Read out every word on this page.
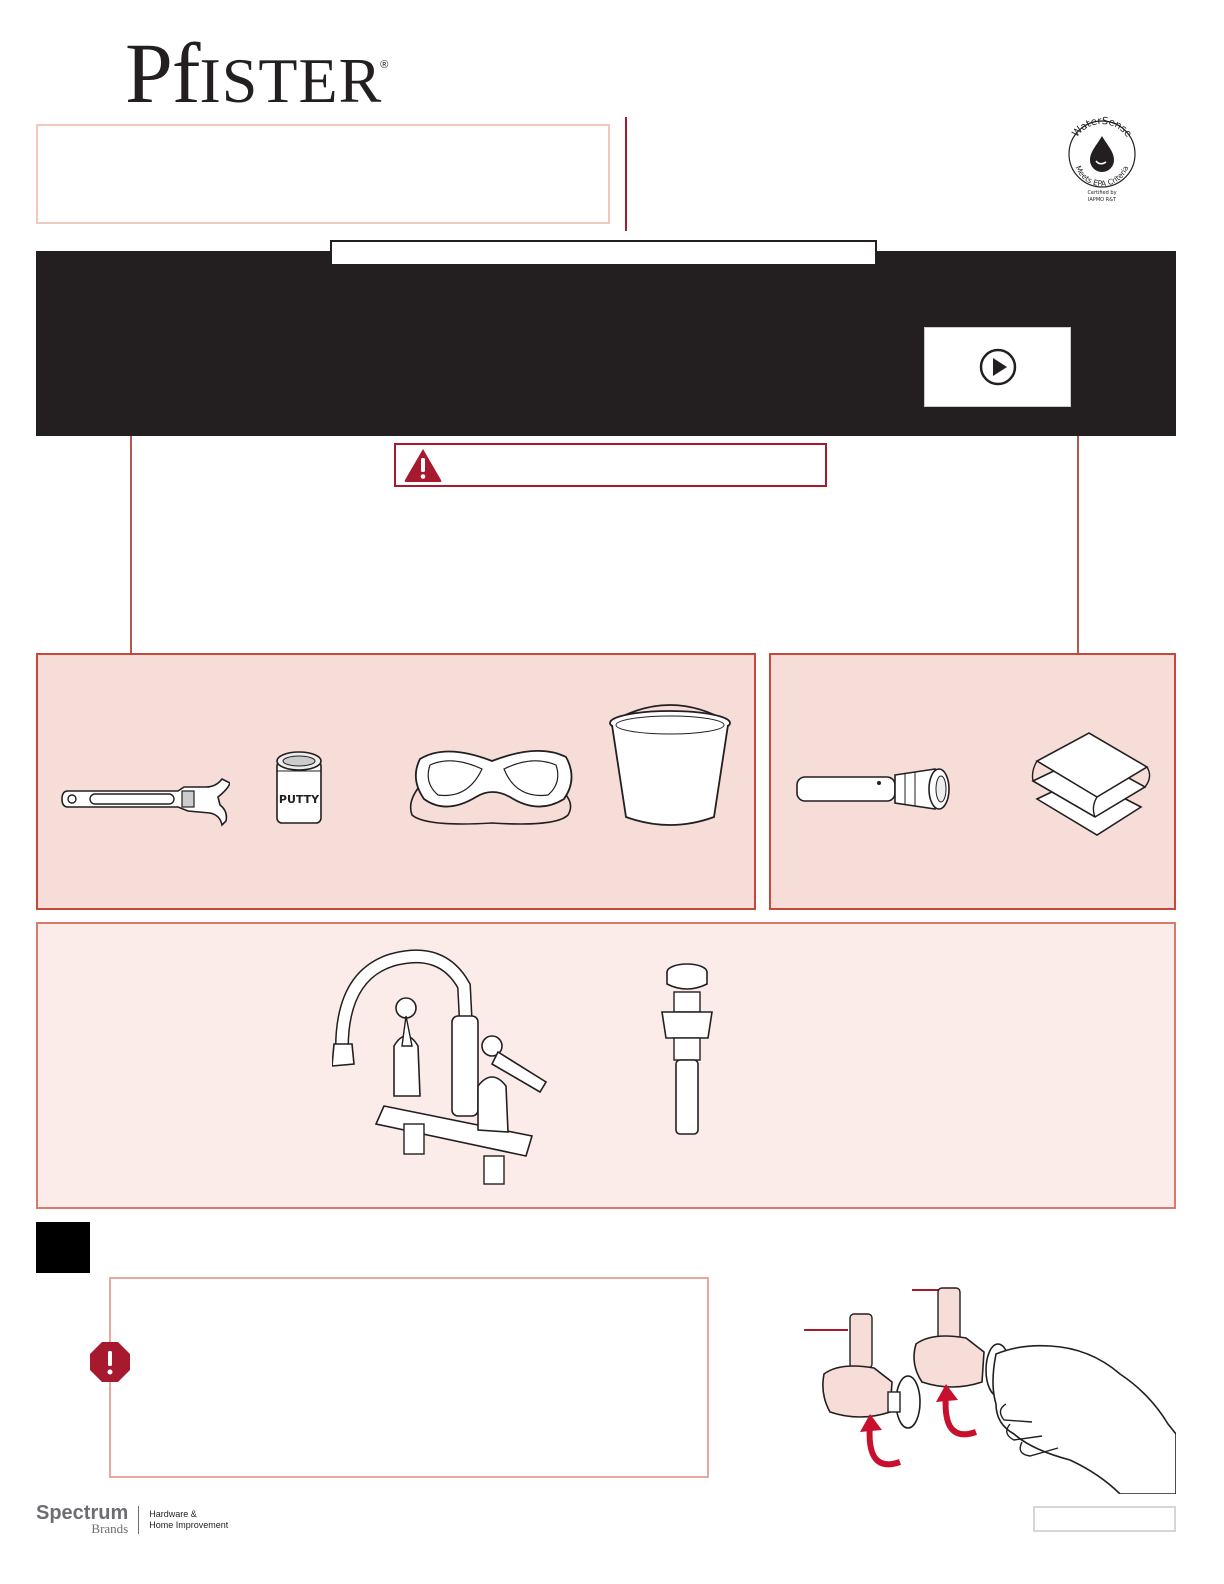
PfISTER®
WaterSense
Meets EPA Criteria
Certified by
IAPMO R&T
PUTTY
Spectrum
Brands
Hardware &
Home Improvement
